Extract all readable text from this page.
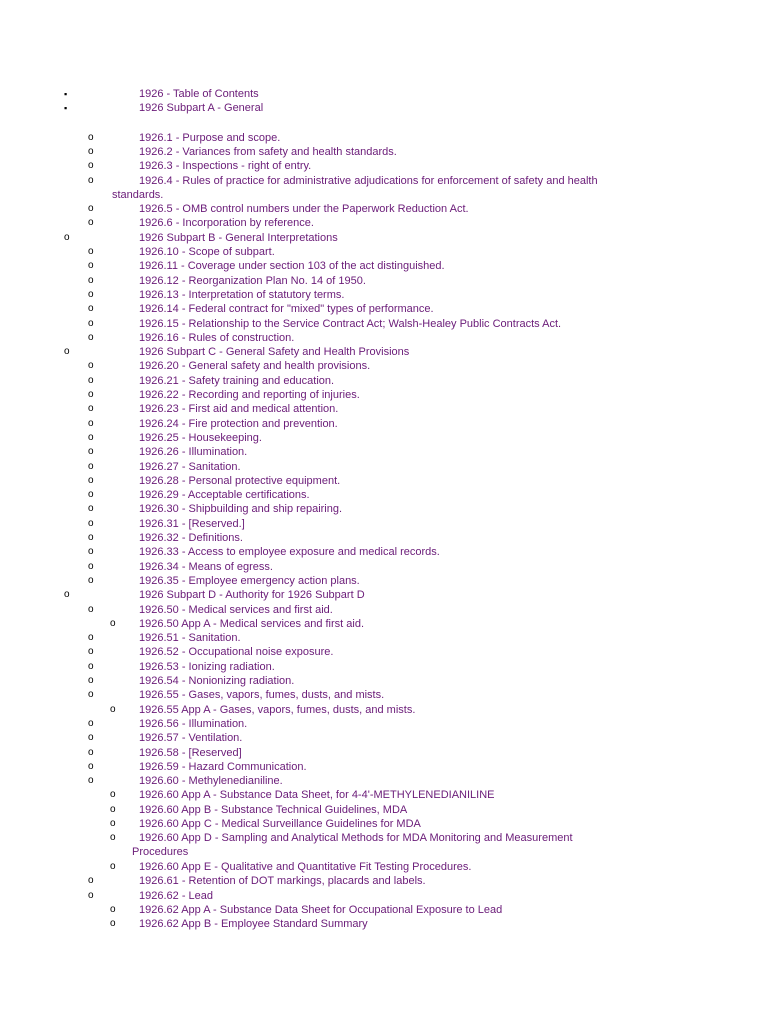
▪	1926 - Table of Contents
▪	1926 Subpart A - General
o	1926.1 - Purpose and scope.
o	1926.2 - Variances from safety and health standards.
o	1926.3 - Inspections - right of entry.
o	1926.4 - Rules of practice for administrative adjudications for enforcement of safety and health
standards.
o	1926.5 - OMB control numbers under the Paperwork Reduction Act.
o	1926.6 - Incorporation by reference.
o	1926 Subpart B - General Interpretations
o	1926.10 - Scope of subpart.
o	1926.11 - Coverage under section 103 of the act distinguished.
o	1926.12 - Reorganization Plan No. 14 of 1950.
o	1926.13 - Interpretation of statutory terms.
o	1926.14 - Federal contract for "mixed" types of performance.
o	1926.15 - Relationship to the Service Contract Act; Walsh-Healey Public Contracts Act.
o	1926.16 - Rules of construction.
o	1926 Subpart C - General Safety and Health Provisions
o	1926.20 - General safety and health provisions.
o	1926.21 - Safety training and education.
o	1926.22 - Recording and reporting of injuries.
o	1926.23 - First aid and medical attention.
o	1926.24 - Fire protection and prevention.
o	1926.25 - Housekeeping.
o	1926.26 - Illumination.
o	1926.27 - Sanitation.
o	1926.28 - Personal protective equipment.
o	1926.29 - Acceptable certifications.
o	1926.30 - Shipbuilding and ship repairing.
o	1926.31 - [Reserved.]
o	1926.32 - Definitions.
o	1926.33 - Access to employee exposure and medical records.
o	1926.34 - Means of egress.
o	1926.35 - Employee emergency action plans.
o	1926 Subpart D - Authority for 1926 Subpart D
o	1926.50 - Medical services and first aid.
o 1926.50 App A - Medical services and first aid.
o	1926.51 - Sanitation.
o	1926.52 - Occupational noise exposure.
o	1926.53 - Ionizing radiation.
o	1926.54 - Nonionizing radiation.
o	1926.55 - Gases, vapors, fumes, dusts, and mists.
o 1926.55 App A - Gases, vapors, fumes, dusts, and mists.
o	1926.56 - Illumination.
o	1926.57 - Ventilation.
o	1926.58 - [Reserved]
o	1926.59 - Hazard Communication.
o	1926.60 - Methylenedianiline.
o 1926.60 App A - Substance Data Sheet, for 4-4'-METHYLENEDIANILINE
o 1926.60 App B - Substance Technical Guidelines, MDA
o 1926.60 App C - Medical Surveillance Guidelines for MDA
o 1926.60 App D - Sampling and Analytical Methods for MDA Monitoring and Measurement
Procedures
o 1926.60 App E - Qualitative and Quantitative Fit Testing Procedures.
o	1926.61 - Retention of DOT markings, placards and labels.
o	1926.62 - Lead
o 1926.62 App A - Substance Data Sheet for Occupational Exposure to Lead
o 1926.62 App B - Employee Standard Summary
